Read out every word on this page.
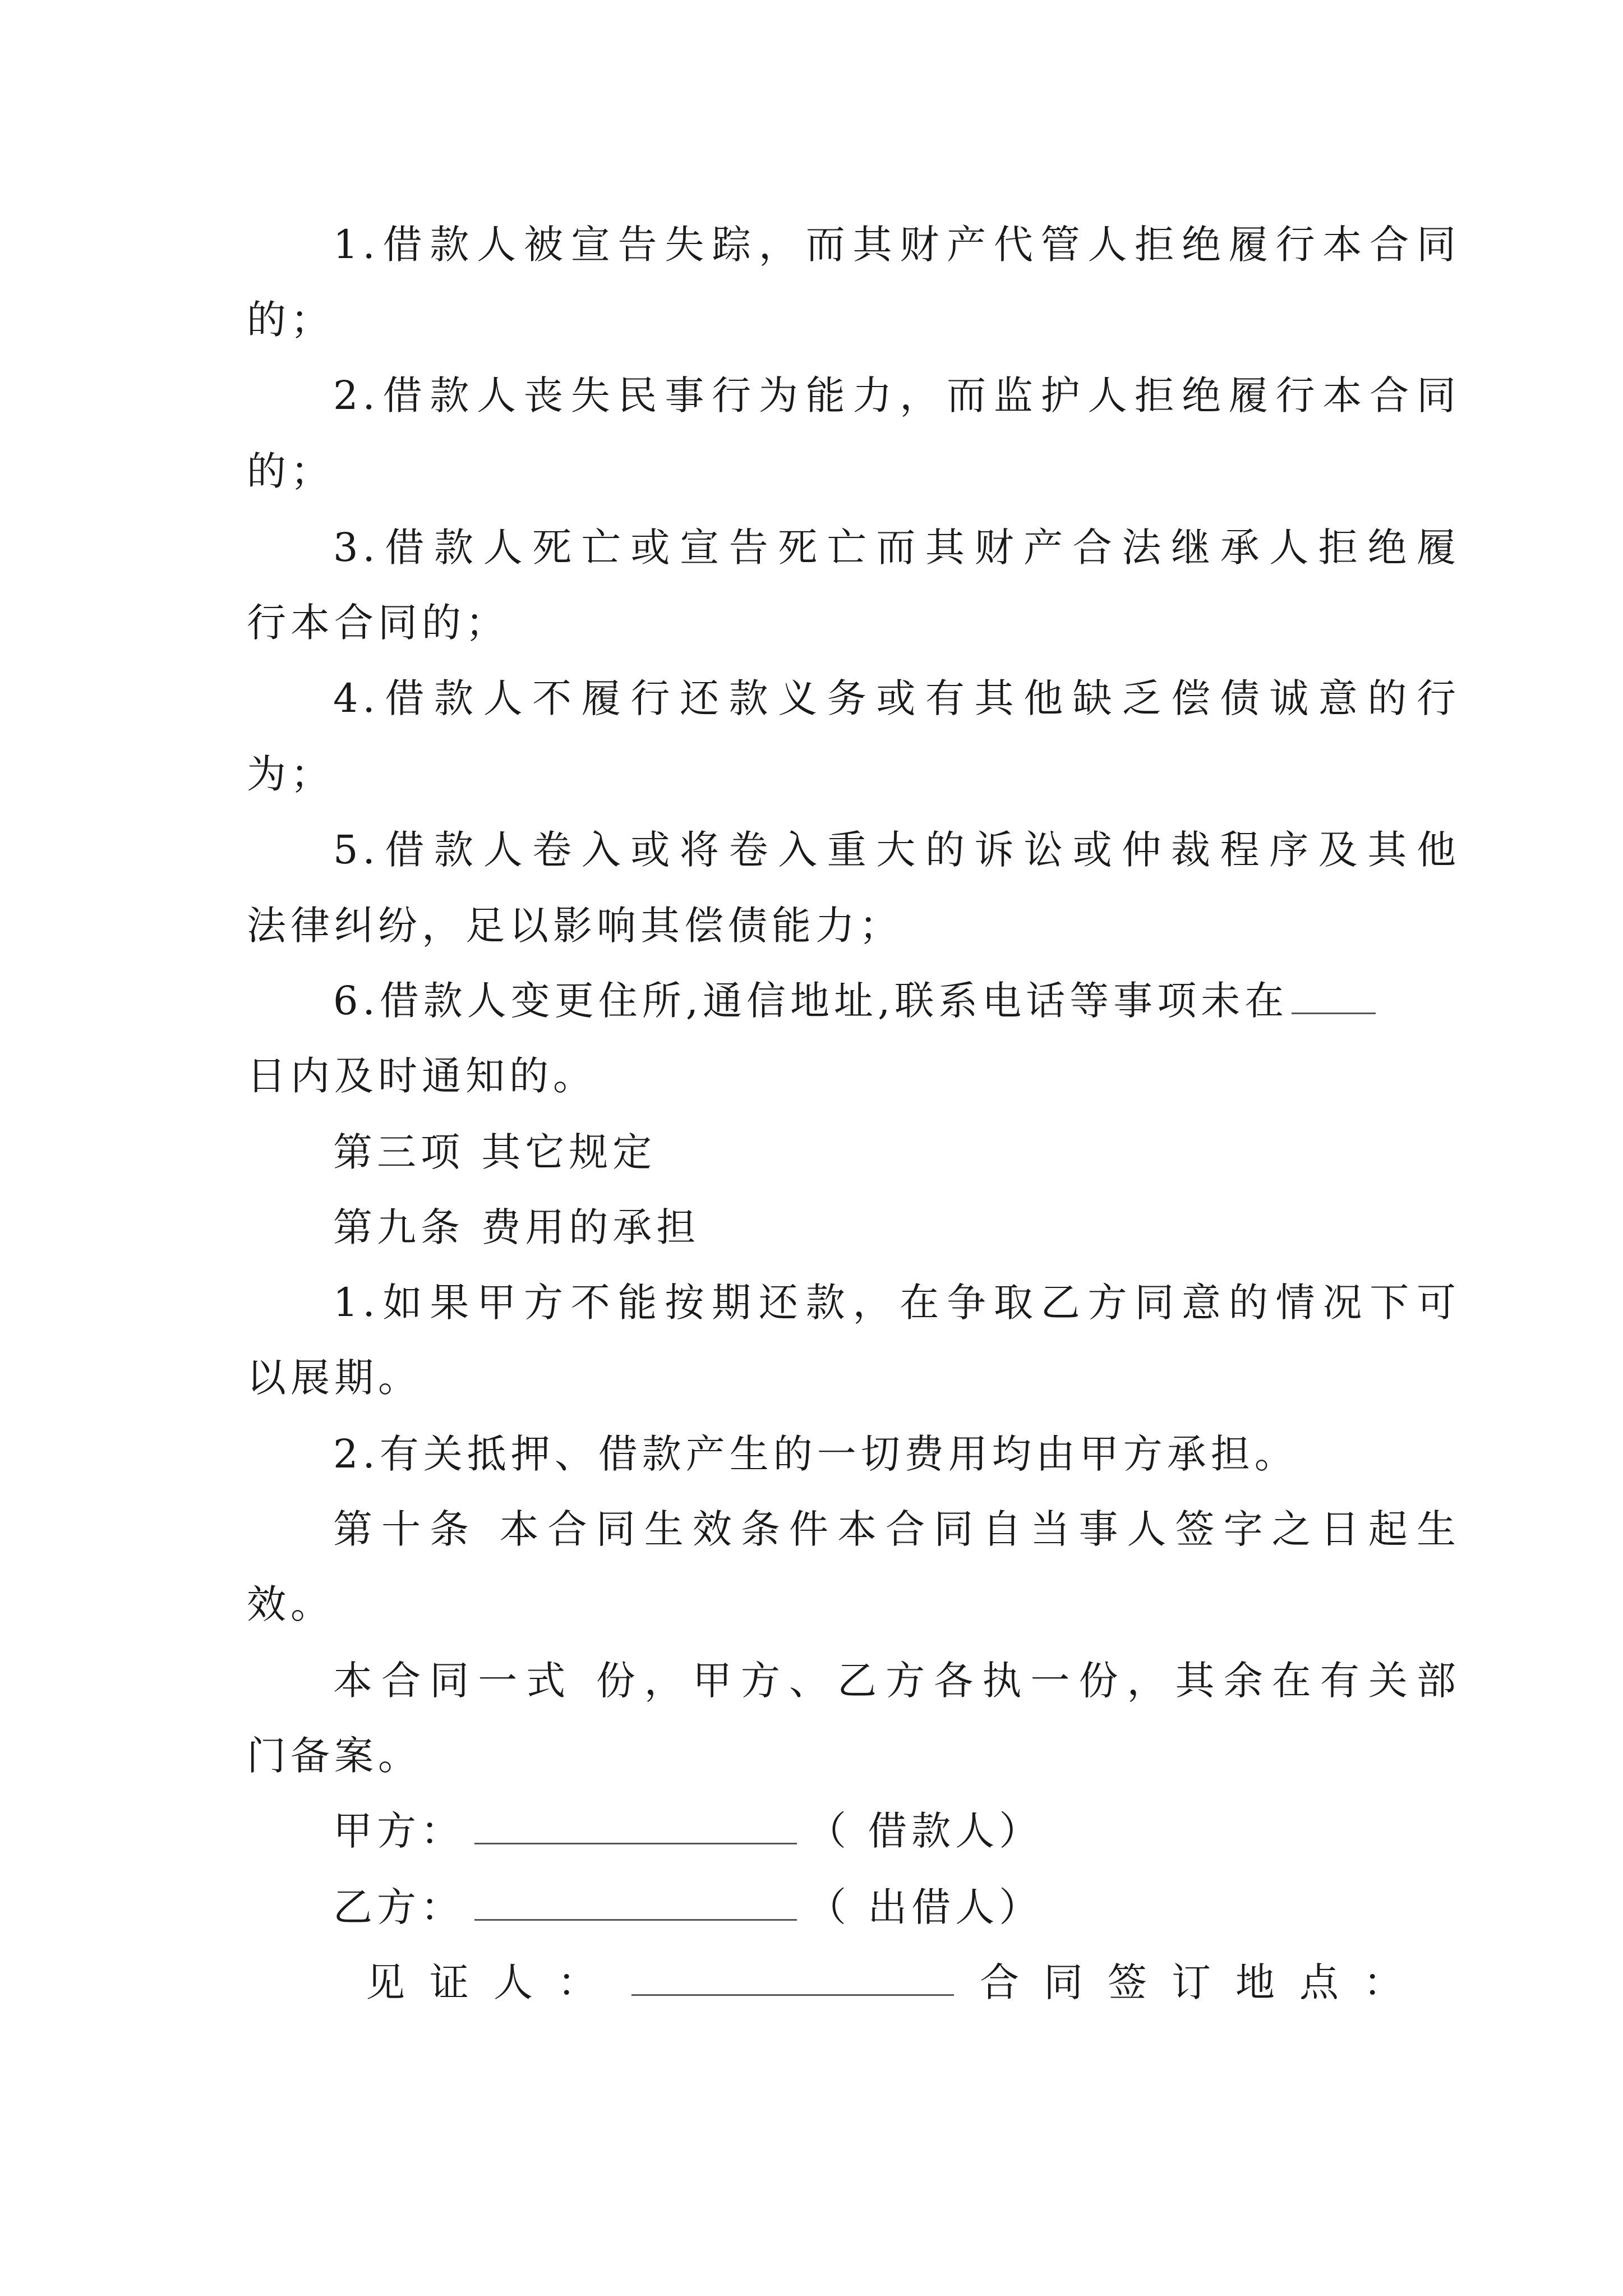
1.借款人被宣告失踪，而其财产代管人拒绝履行本合同
的；
2.借款人丧失民事行为能力，而监护人拒绝履行本合同
的；
3.借款人死亡或宣告死亡而其财产合法继承人拒绝履
行本合同的；
4.借款人不履行还款义务或有其他缺乏偿债诚意的行
为；
5.借款人卷入或将卷入重大的诉讼或仲裁程序及其他
法律纠纷，足以影响其偿债能力；
6.借款人变更住所,通信地址,联系电话等事项未在
日内及时通知的。
第三项 其它规定
第九条 费用的承担
1.如果甲方不能按期还款，在争取乙方同意的情况下可
以展期。
2.有关抵押、借款产生的一切费用均由甲方承担。
第十条 本合同生效条件本合同自当事人签字之日起生
效。
本合同一式 份，甲方、乙方各执一份，其余在有关部
门备案。
甲方：	（ 借款人）
乙方：	（ 出借人）
见证人：	合同签订地点：
